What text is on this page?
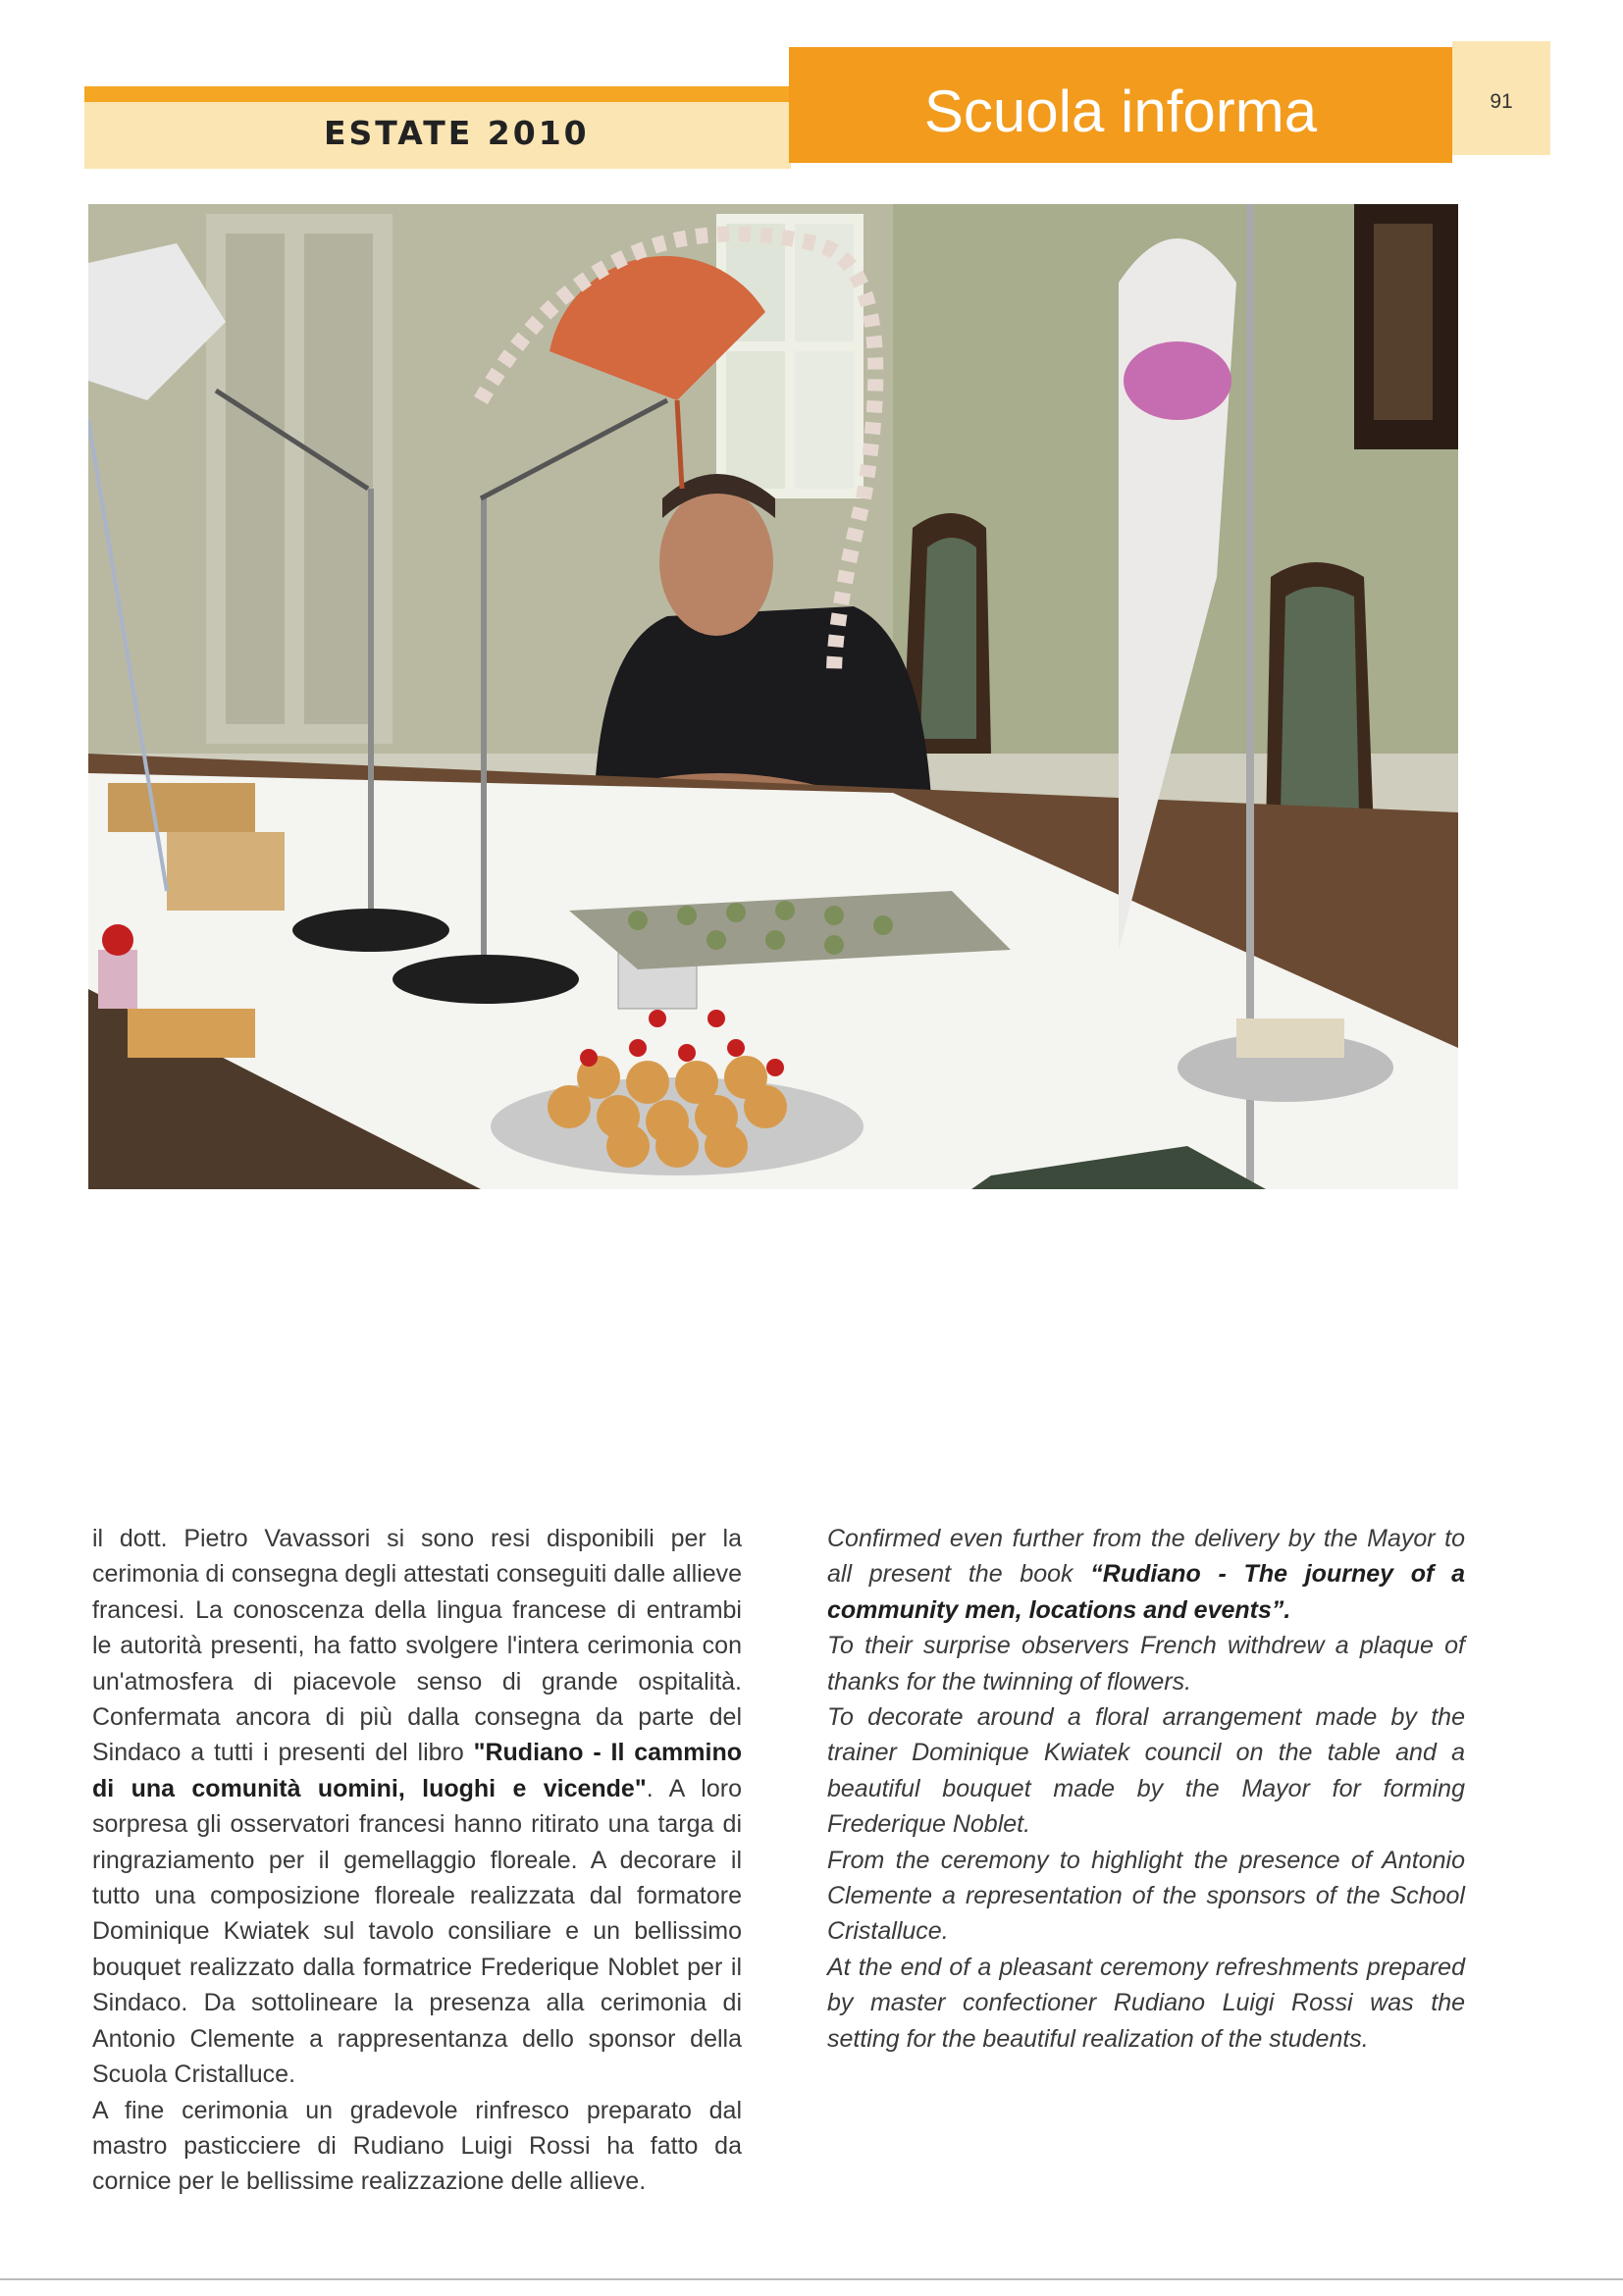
ESTATE 2010	Scuola informa	91

il dott. Pietro Vavassori si sono resi disponibili per la cerimonia di consegna degli attestati conseguiti dalle allieve francesi. La conoscenza della lingua francese di entrambi le autorità presenti, ha fatto svolgere l'intera cerimonia con un'atmosfera di piacevole senso di grande ospitalità. Confermata ancora di più dalla consegna da parte del Sindaco a tutti i presenti del libro "Rudiano - Il cammino di una comunità uomini, luoghi e vicende". A loro sorpresa gli osservatori francesi hanno ritirato una targa di ringraziamento per il gemellaggio floreale. A decorare il tutto una composizione floreale realizzata dal formatore Dominique Kwiatek sul tavolo consiliare e un bellissimo bouquet realizzato dalla formatrice Frederique Noblet per il Sindaco. Da sottolineare la presenza alla cerimonia di Antonio Clemente a rappresentanza dello sponsor della Scuola Cristalluce.

A fine cerimonia un gradevole rinfresco preparato dal mastro pasticciere di Rudiano Luigi Rossi ha fatto da cornice per le bellissime realizzazione delle allieve.

Confirmed even further from the delivery by the Mayor to all present the book “Rudiano - The journey of a community men, locations and events”.

To their surprise observers French withdrew a plaque of thanks for the twinning of flowers.

To decorate around a floral arrangement made by the trainer Dominique Kwiatek council on the table and a beautiful bouquet made by the Mayor for forming Frederique Noblet.

From the ceremony to highlight the presence of Antonio Clemente a representation of the sponsors of the School Cristalluce.

At the end of a pleasant ceremony refreshments prepared by master confectioner Rudiano Luigi Rossi was the setting for the beautiful realization of the students.
